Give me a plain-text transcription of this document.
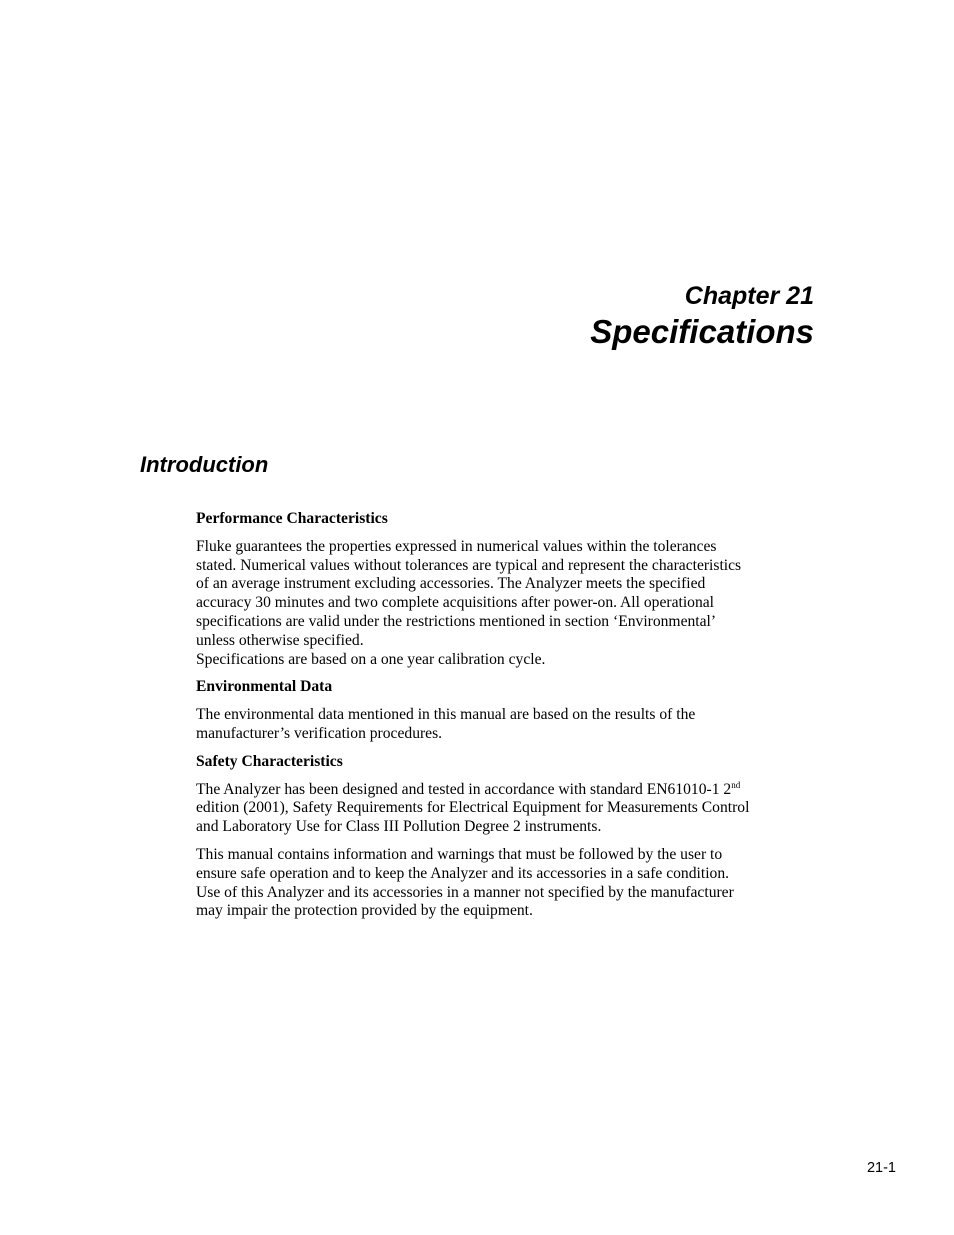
Chapter 21
Specifications
Introduction
Performance Characteristics
Fluke guarantees the properties expressed in numerical values within the tolerances
stated. Numerical values without tolerances are typical and represent the characteristics
of an average instrument excluding accessories. The Analyzer meets the specified
accuracy 30 minutes and two complete acquisitions after power-on. All operational
specifications are valid under the restrictions mentioned in section ‘Environmental’
unless otherwise specified.
Specifications are based on a one year calibration cycle.
Environmental Data
The environmental data mentioned in this manual are based on the results of the
manufacturer’s verification procedures.
Safety Characteristics
The Analyzer has been designed and tested in accordance with standard EN61010-1 2nd
edition (2001), Safety Requirements for Electrical Equipment for Measurements Control
and Laboratory Use for Class III Pollution Degree 2 instruments.
This manual contains information and warnings that must be followed by the user to
ensure safe operation and to keep the Analyzer and its accessories in a safe condition.
Use of this Analyzer and its accessories in a manner not specified by the manufacturer
may impair the protection provided by the equipment.
21-1
